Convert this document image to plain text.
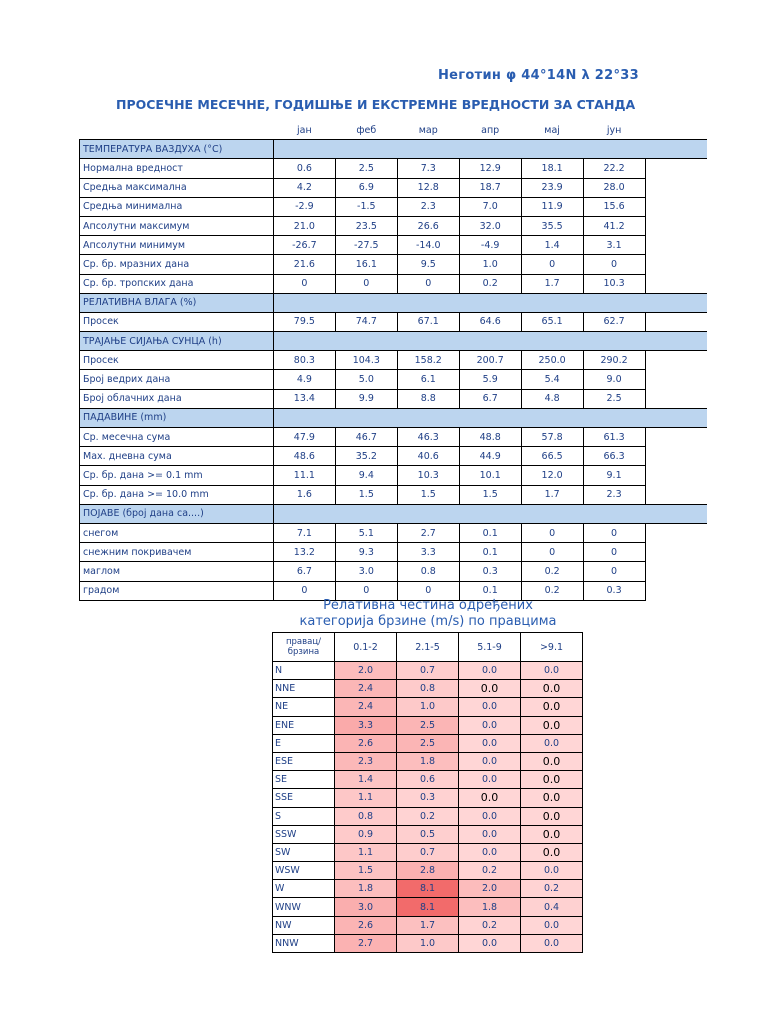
Неготин φ 44°14N λ 22°33
ПРОСЕЧНЕ МЕСЕЧНЕ, ГОДИШЊЕ И ЕКСТРЕМНЕ ВРЕДНОСТИ ЗА СТАНДА
	јан	феб	мар	апр	мај	јун	
ТЕМПЕРАТУРА ВАЗДУХА (°C)							
Нормална вредност	0.6	2.5	7.3	12.9	18.1	22.2	
Средња максимална	4.2	6.9	12.8	18.7	23.9	28.0	
Средња минимална	-2.9	-1.5	2.3	7.0	11.9	15.6	
Апсолутни максимум	21.0	23.5	26.6	32.0	35.5	41.2	
Апсолутни минимум	-26.7	-27.5	-14.0	-4.9	1.4	3.1	
Ср. бр. мразних дана	21.6	16.1	9.5	1.0	0	0	
Ср. бр. тропских дана	0	0	0	0.2	1.7	10.3	
РЕЛАТИВНА ВЛАГА (%)							
Просек	79.5	74.7	67.1	64.6	65.1	62.7	
ТРАЈАЊЕ СИЈАЊА СУНЦА (h)							
Просек	80.3	104.3	158.2	200.7	250.0	290.2	
Број ведрих дана	4.9	5.0	6.1	5.9	5.4	9.0	
Број облачних дана	13.4	9.9	8.8	6.7	4.8	2.5	
ПАДАВИНЕ (mm)							
Ср. месечна сума	47.9	46.7	46.3	48.8	57.8	61.3	
Мах. дневна сума	48.6	35.2	40.6	44.9	66.5	66.3	
Ср. бр. дана >= 0.1 mm	11.1	9.4	10.3	10.1	12.0	9.1	
Ср. бр. дана >= 10.0 mm	1.6	1.5	1.5	1.5	1.7	2.3	
ПОЈАВЕ (број дана са....)							
снегом	7.1	5.1	2.7	0.1	0	0	
снежним покривачем	13.2	9.3	3.3	0.1	0	0	
маглом	6.7	3.0	0.8	0.3	0.2	0	
градом	0	0	0	0.1	0.2	0.3	
Релативна честина одређених
категорија брзине (m/s) по правцима
правац/
брзина	0.1-2	2.1-5	5.1-9	>9.1
N	2.0	0.7	0.0	0.0
NNE	2.4	0.8	0.0	0.0
NE	2.4	1.0	0.0	0.0
ENE	3.3	2.5	0.0	0.0
E	2.6	2.5	0.0	0.0
ESE	2.3	1.8	0.0	0.0
SE	1.4	0.6	0.0	0.0
SSE	1.1	0.3	0.0	0.0
S	0.8	0.2	0.0	0.0
SSW	0.9	0.5	0.0	0.0
SW	1.1	0.7	0.0	0.0
WSW	1.5	2.8	0.2	0.0
W	1.8	8.1	2.0	0.2
WNW	3.0	8.1	1.8	0.4
NW	2.6	1.7	0.2	0.0
NNW	2.7	1.0	0.0	0.0
